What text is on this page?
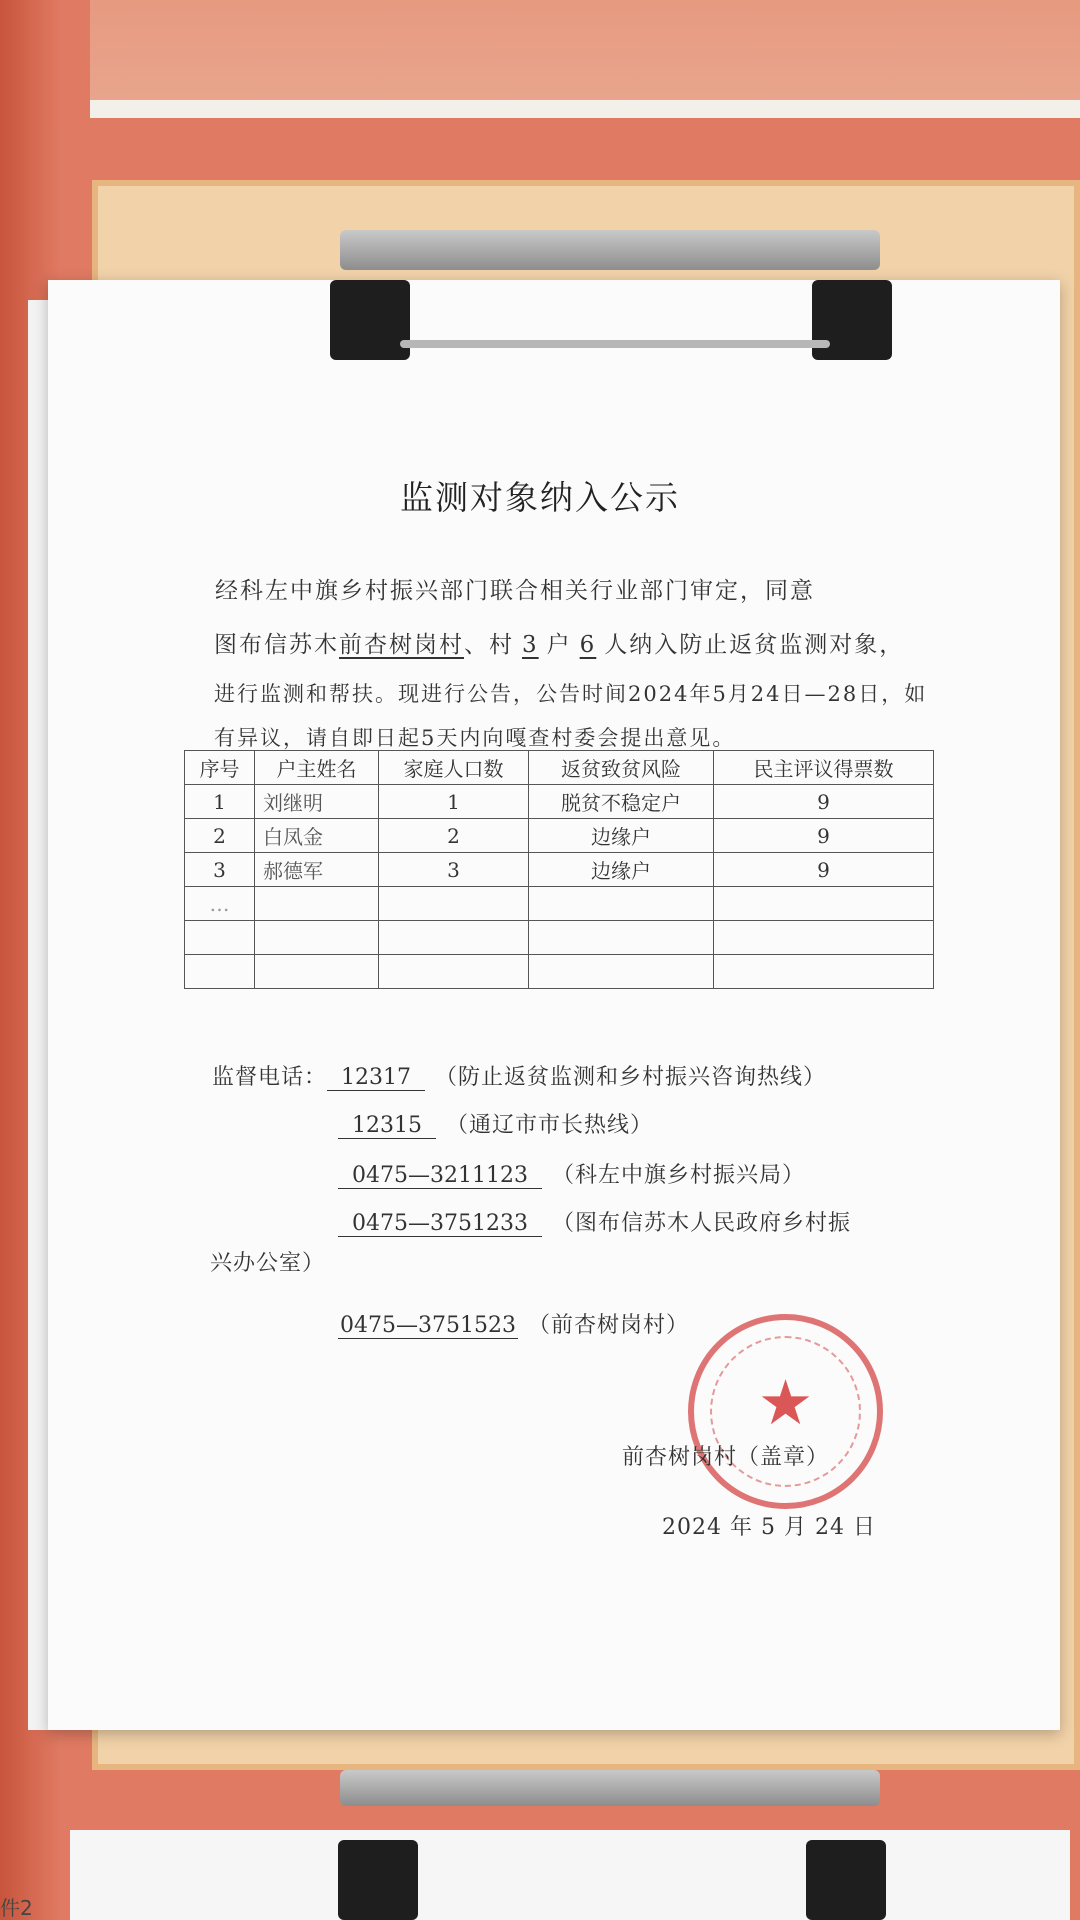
监测对象纳入公示
经科左中旗乡村振兴部门联合相关行业部门审定，同意
图布信苏木前杏树岗村、村 3 户 6 人纳入防止返贫监测对象，
进行监测和帮扶。现进行公告，公告时间2024年5月24日—28日，如
有异议，请自即日起5天内向嘎查村委会提出意见。
序号	户主姓名	家庭人口数	返贫致贫风险	民主评议得票数
1	刘继明	1	脱贫不稳定户	9
2	白凤金	2	边缘户	9
3	郝德军	3	边缘户	9
…				

监督电话： 12317 （防止返贫监测和乡村振兴咨询热线）
12315 （通辽市市长热线）
0475—3211123 （科左中旗乡村振兴局）
0475—3751233 （图布信苏木人民政府乡村振
兴办公室）
0475—3751523 （前杏树岗村）
★
前杏树岗村（盖章）
2024 年 5 月 24 日
件2
